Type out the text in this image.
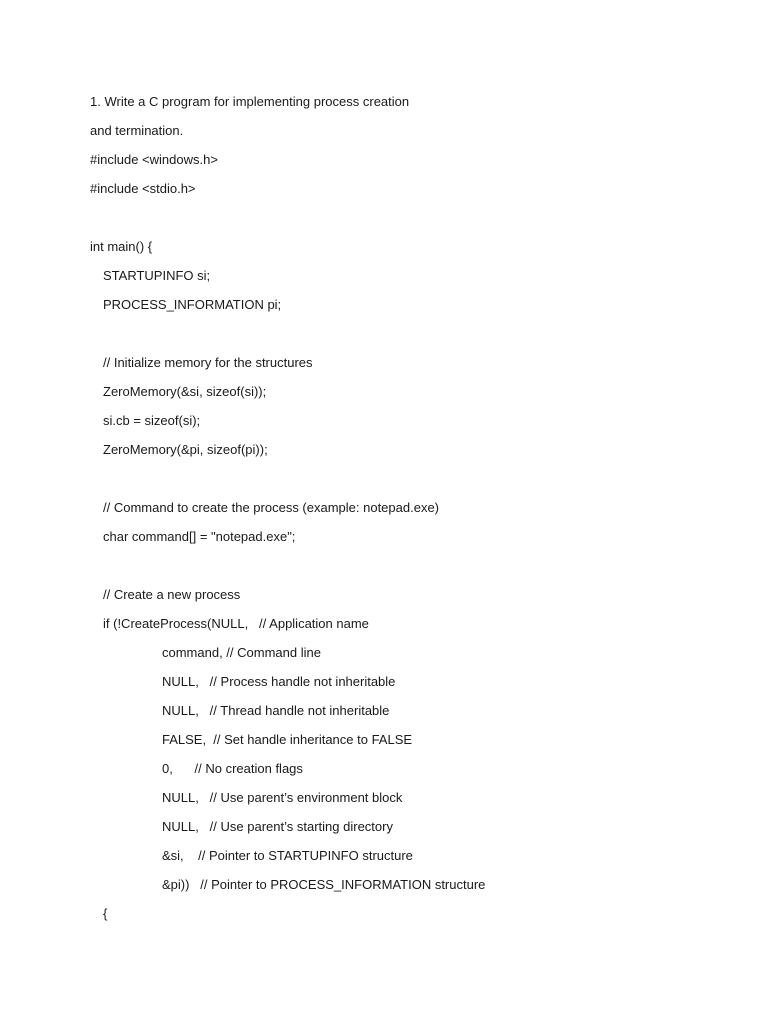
1. Write a C program for implementing process creation
and termination.
#include <windows.h>
#include <stdio.h>
int main() {
STARTUPINFO si;
PROCESS_INFORMATION pi;
// Initialize memory for the structures
ZeroMemory(&si, sizeof(si));
si.cb = sizeof(si);
ZeroMemory(&pi, sizeof(pi));
// Command to create the process (example: notepad.exe)
char command[] = "notepad.exe";
// Create a new process
if (!CreateProcess(NULL,   // Application name
command, // Command line
NULL,   // Process handle not inheritable
NULL,   // Thread handle not inheritable
FALSE,  // Set handle inheritance to FALSE
0,      // No creation flags
NULL,   // Use parent’s environment block
NULL,   // Use parent’s starting directory
&si,    // Pointer to STARTUPINFO structure
&pi))   // Pointer to PROCESS_INFORMATION structure
{
